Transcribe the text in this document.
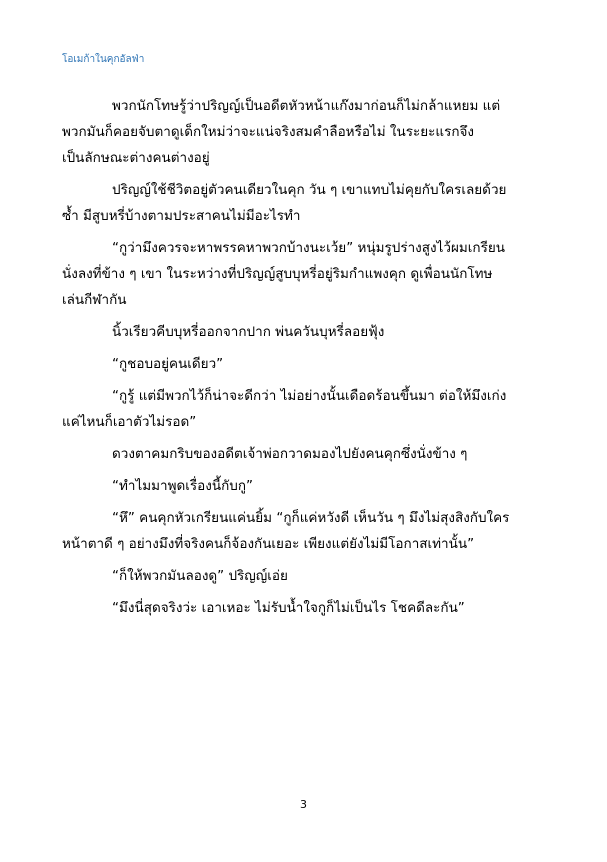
โอเมก้าในคุกอัลฟ่า
พวกนักโทษรู้ว่าปริญญ์เป็นอดีตหัวหน้าแก๊งมาก่อนก็ไม่กล้าแหยม แต่
พวกมันก็คอยจับตาดูเด็กใหม่ว่าจะแน่จริงสมคำลือหรือไม่ ในระยะแรกจึง
เป็นลักษณะต่างคนต่างอยู่
ปริญญ์ใช้ชีวิตอยู่ตัวคนเดียวในคุก วัน ๆ เขาแทบไม่คุยกับใครเลยด้วย
ซ้ำ มีสูบหรี่บ้างตามประสาคนไม่มีอะไรทำ
“กูว่ามึงควรจะหาพรรคหาพวกบ้างนะเว้ย” หนุ่มรูปร่างสูงไว้ผมเกรียน
นั่งลงที่ข้าง ๆ เขา ในระหว่างที่ปริญญ์สูบบุหรี่อยู่ริมกำแพงคุก ดูเพื่อนนักโทษ
เล่นกีฬากัน
นิ้วเรียวคีบบุหรี่ออกจากปาก พ่นควันบุหรี่ลอยฟุ้ง
“กูชอบอยู่คนเดียว”
“กูรู้ แต่มีพวกไว้ก็น่าจะดีกว่า ไม่อย่างนั้นเดือดร้อนขึ้นมา ต่อให้มึงเก่ง
แค่ไหนก็เอาตัวไม่รอด”
ดวงตาคมกริบของอดีตเจ้าพ่อกวาดมองไปยังคนคุกซึ่งนั่งข้าง ๆ
“ทำไมมาพูดเรื่องนี้กับกู”
“หึ” คนคุกหัวเกรียนแค่นยิ้ม “กูก็แค่หวังดี เห็นวัน ๆ มึงไม่สุงสิงกับใคร
หน้าตาดี ๆ อย่างมึงที่จริงคนก็จ้องกันเยอะ เพียงแต่ยังไม่มีโอกาสเท่านั้น”
“ก็ให้พวกมันลองดู” ปริญญ์เอ่ย
“มึงนี่สุดจริงว่ะ เอาเหอะ ไม่รับน้ำใจกูก็ไม่เป็นไร โชคดีละกัน”
3
